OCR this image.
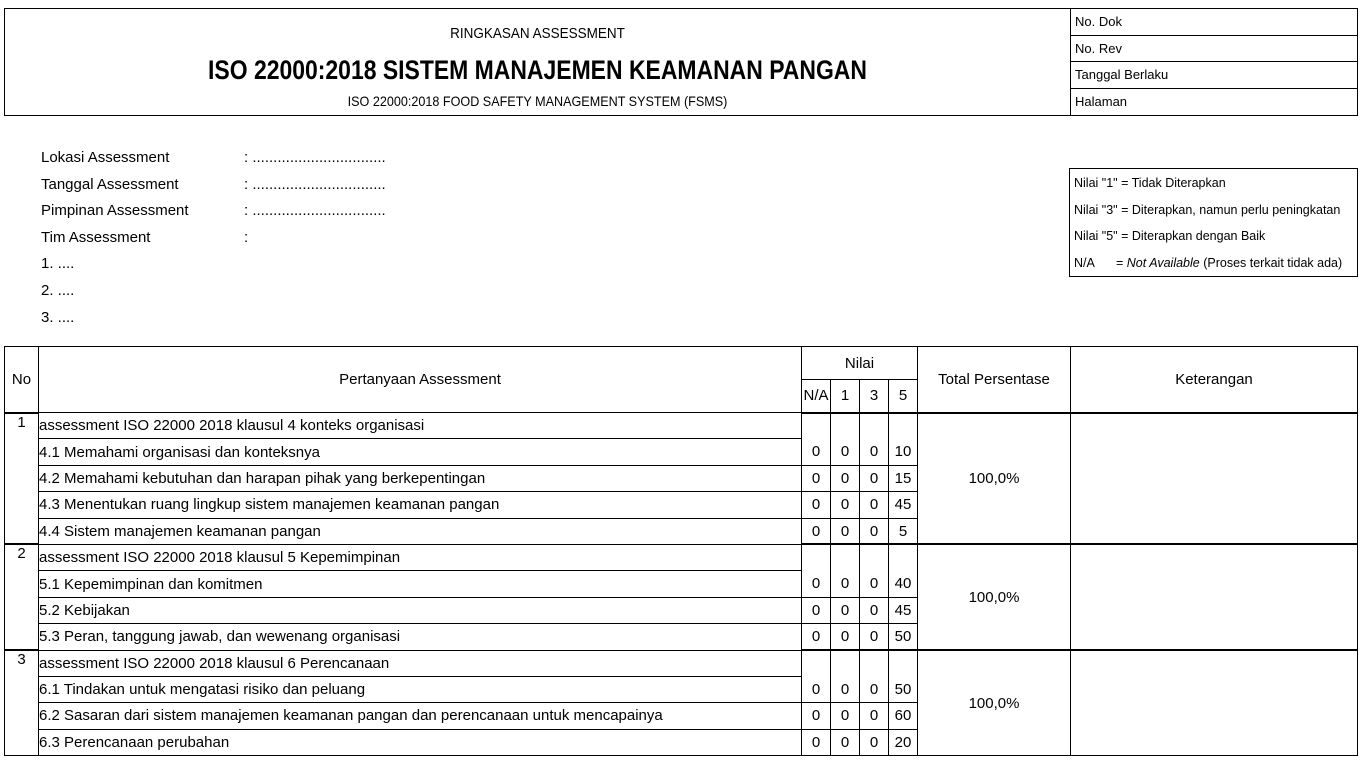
RINGKASAN ASSESSMENT
ISO 22000:2018 SISTEM MANAJEMEN KEAMANAN PANGAN
ISO 22000:2018 FOOD SAFETY MANAGEMENT SYSTEM (FSMS)
No. Dok
No. Rev
Tanggal Berlaku
Halaman
Lokasi Assessment	: ................................
Tanggal Assessment	: ................................
Pimpinan Assessment	: ................................
Tim Assessment	:
1. ....
2. ....
3. ....
Nilai "1" = Tidak Diterapkan
Nilai "3" = Diterapkan, namun perlu peningkatan
Nilai "5" = Diterapkan dengan Baik
N/A = Not Available (Proses terkait tidak ada)
No	Pertanyaan Assessment	Nilai				Total Persentase	Keterangan
		N/A	1	3	5		
1	assessment ISO 22000 2018 klausul 4 konteks organisasi					100,0%	
	4.1 Memahami organisasi dan konteksnya	0	0	0	10		
	4.2 Memahami kebutuhan dan harapan pihak yang berkepentingan	0	0	0	15		
	4.3 Menentukan ruang lingkup sistem manajemen keamanan pangan	0	0	0	45		
	4.4 Sistem manajemen keamanan pangan	0	0	0	5		
2	assessment ISO 22000 2018 klausul 5 Kepemimpinan					100,0%	
	5.1 Kepemimpinan dan komitmen	0	0	0	40		
	5.2 Kebijakan	0	0	0	45		
	5.3 Peran, tanggung jawab, dan wewenang organisasi	0	0	0	50		
3	assessment ISO 22000 2018 klausul 6 Perencanaan					100,0%	
	6.1 Tindakan untuk mengatasi risiko dan peluang	0	0	0	50		
	6.2 Sasaran dari sistem manajemen keamanan pangan dan perencanaan untuk mencapainya	0	0	0	60		
	6.3 Perencanaan perubahan	0	0	0	20		
